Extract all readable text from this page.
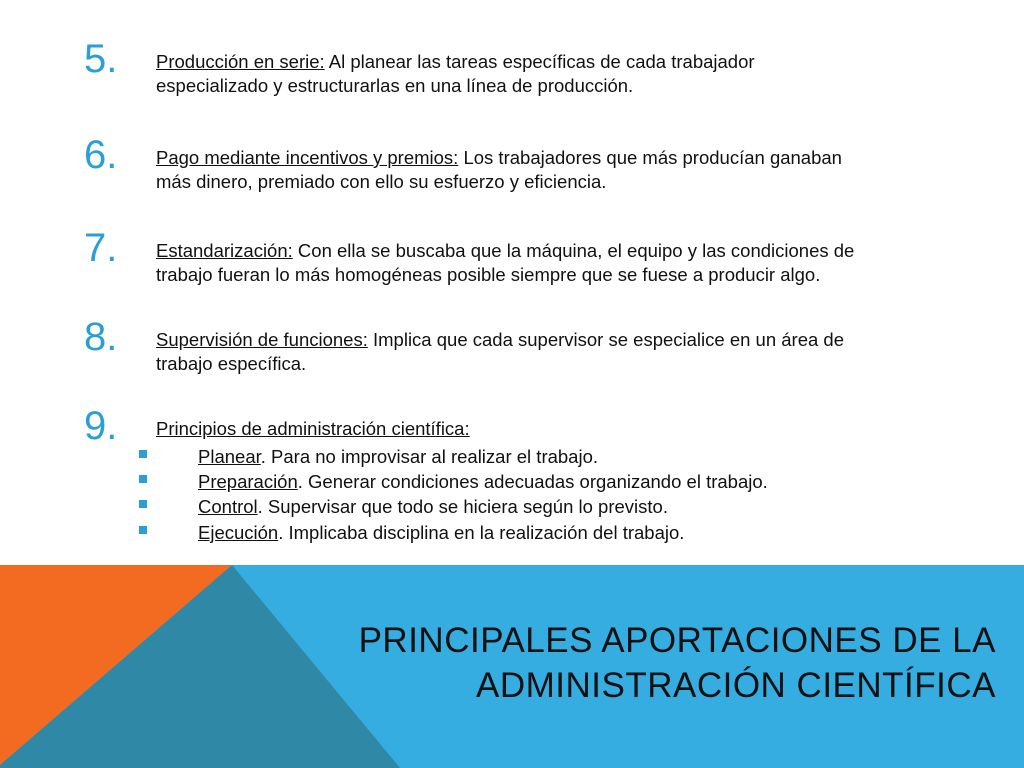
5. Producción en serie: Al planear las tareas específicas de cada trabajador
especializado y estructurarlas en una línea de producción.
6. Pago mediante incentivos y premios: Los trabajadores que más producían ganaban
más dinero, premiado con ello su esfuerzo y eficiencia.
7. Estandarización: Con ella se buscaba que la máquina, el equipo y las condiciones de
trabajo fueran lo más homogéneas posible siempre que se fuese a producir algo.
8. Supervisión de funciones: Implica que cada supervisor se especialice en un área de
trabajo específica.
9. Principios de administración científica:
Planear. Para no improvisar al realizar el trabajo.
Preparación. Generar condiciones adecuadas organizando el trabajo.
Control. Supervisar que todo se hiciera según lo previsto.
Ejecución. Implicaba disciplina en la realización del trabajo.
PRINCIPALES APORTACIONES DE LA
ADMINISTRACIÓN CIENTÍFICA
